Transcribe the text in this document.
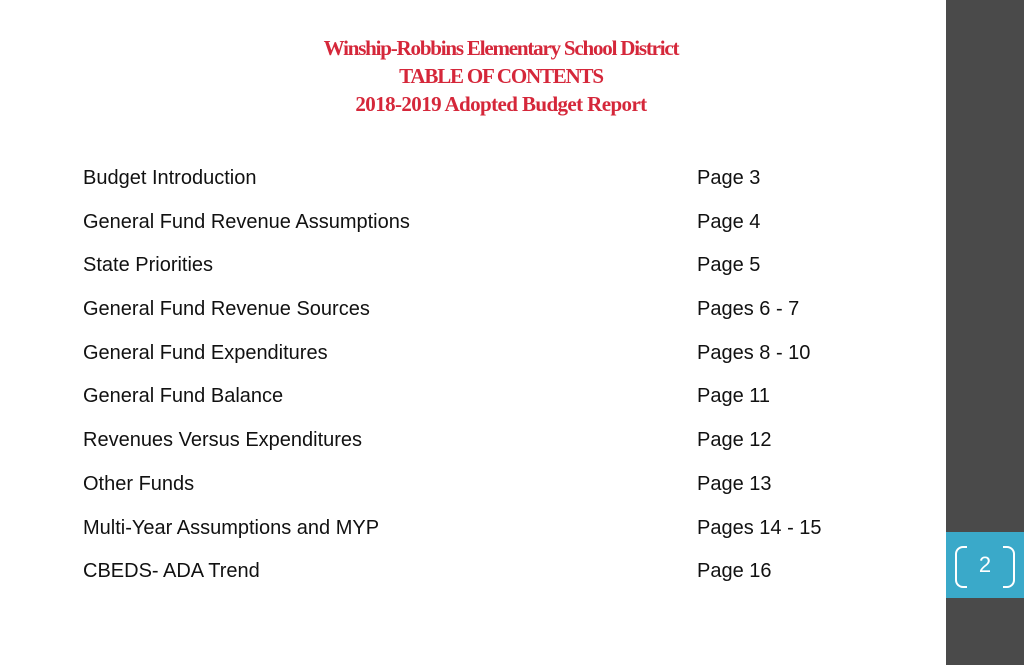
2
Winship-Robbins Elementary School District
TABLE OF CONTENTS
2018-2019 Adopted Budget Report
Budget Introduction	Page 3
General Fund Revenue Assumptions	Page 4
State Priorities	Page 5
General Fund Revenue Sources	Pages 6 - 7
General Fund Expenditures	Pages 8 - 10
General Fund Balance	Page 11
Revenues Versus Expenditures	Page 12
Other Funds	Page 13
Multi-Year Assumptions and MYP	Pages 14 - 15
CBEDS- ADA Trend	Page 16
